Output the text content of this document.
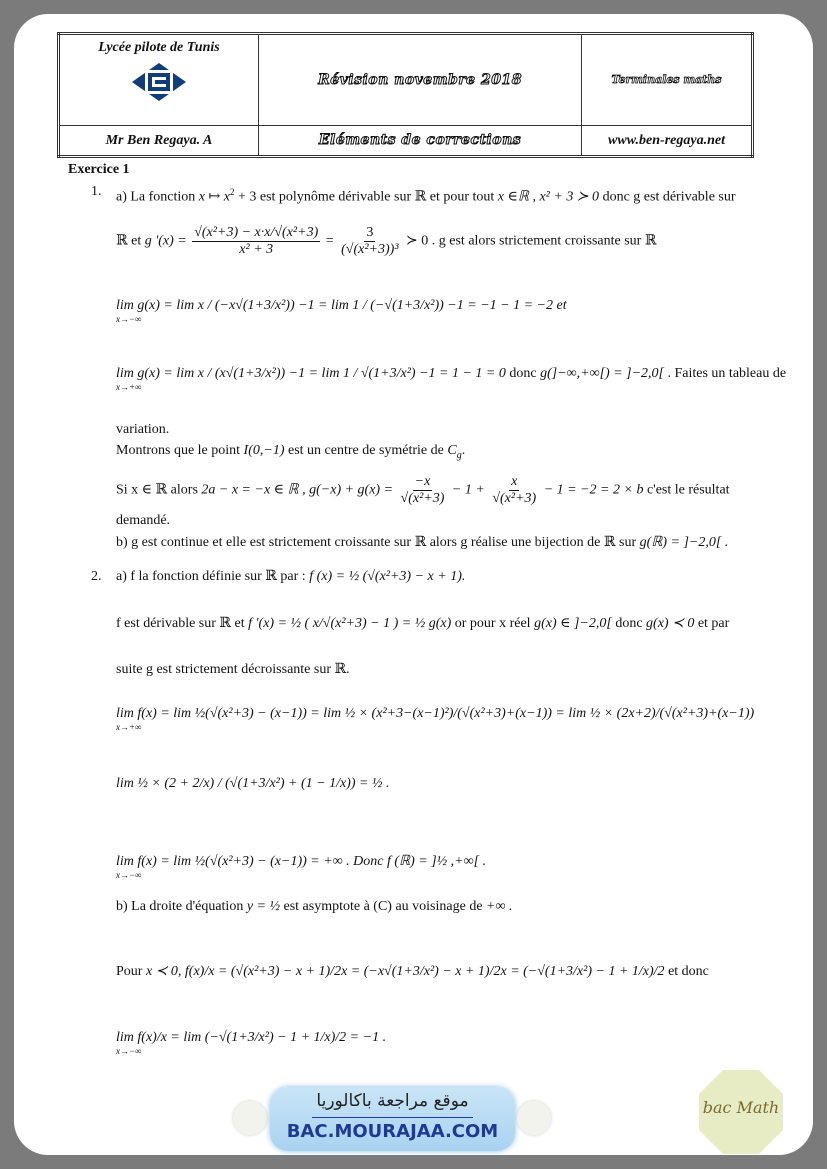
Lycée pilote de Tunis	Révision novembre 2018	Terminales maths
Mr Ben Regaya. A	Eléments de corrections	www.ben-regaya.net
Exercice 1
1. a) La fonction x ↦ $x^2 + 3$ est polynôme dérivable sur ℝ et pour tout x ∈ℝ , x² + 3 ≻ 0 donc g est dérivable sur
ℝ et g '$(x) = \frac{\text{√(x²+3) − x·x/√(x²+3)}}{\text{x² + 3}} = \frac{3}{\text{(√(x²+3))³}}$ ≻ 0 . g est alors strictement croissante sur ℝ
lim g(x) = lim x / (−x√(1+3/x²)) −1 = lim 1 / (−√(1+3/x²)) −1 = −1 − 1 = −2 et
x→−∞
lim g(x) = lim x / (x√(1+3/x²)) −1 = lim 1 / √(1+3/x²) −1 = 1 − 1 = 0 donc g(]−∞,+∞[) = ]−2,0[ . Faites un tableau de
x→+∞
variation.
Montrons que le point I(0,−1) est un centre de symétrie de $C_g$.
Si x ∈ ℝ alors 2a − x = −x ∈ ℝ , $g(-x) + g(x) = \frac{-x}{\text{√(x²+3)}} - 1 + \frac{x}{\text{√(x²+3)}} - 1 = -2 = 2 \times b$ c'est le résultat
demandé.
b) g est continue et elle est strictement croissante sur ℝ alors g réalise une bijection de ℝ sur g(ℝ) = ]−2,0[ .
2. a) f la fonction définie sur ℝ par : f (x) = ½ (√(x²+3) − x + 1).
f est dérivable sur ℝ et f '(x) = ½ ( x/√(x²+3) − 1 ) = ½ g(x) or pour x réel g(x) ∈ ]−2,0[ donc g(x) ≺ 0 et par
suite g est strictement décroissante sur ℝ.
lim f(x) = lim ½(√(x²+3) − (x−1)) = lim ½ × (x²+3−(x−1)²)/(√(x²+3)+(x−1)) = lim ½ × (2x+2)/(√(x²+3)+(x−1))
x→+∞
lim ½ × (2 + 2/x) / (√(1+3/x²) + (1 − 1/x)) = ½ .
lim f(x) = lim ½(√(x²+3) − (x−1)) = +∞ . Donc f (ℝ) = ]½ ,+∞[ .
x→−∞
b) La droite d'équation y = ½ est asymptote à (C) au voisinage de +∞ .
Pour x ≺ 0, f(x)/x = (√(x²+3) − x + 1)/2x = (−x√(1+3/x²) − x + 1)/2x = (−√(1+3/x²) − 1 + 1/x)/2 et donc
lim f(x)/x = lim (−√(1+3/x²) − 1 + 1/x)/2 = −1 .
x→−∞
موقع مراجعة باكالوريا
BAC.MOURAJAA.COM
bac Math
